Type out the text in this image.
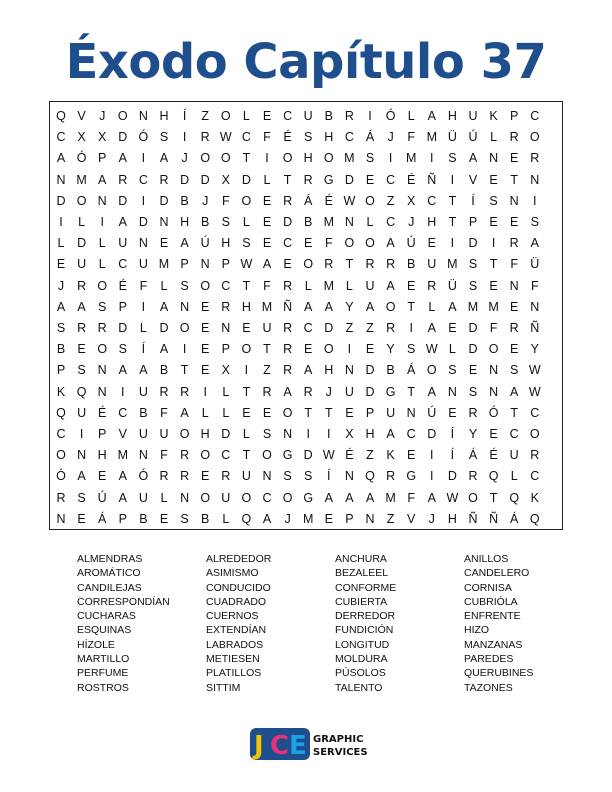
Éxodo Capítulo 37
Q V	J	O N H	Í	Z O L	E C U B R	I	Ó L	A H U K P C
C X X D Ó S	I	R W C F	É S H C Á	J	F M Ü Ú	L	R O
A Ó P A	I	A	J	O O T	I	O H O M S	I	M	I	S A N E R
N M A R C R D D X D	L	T R G D E C É Ñ	I	V E	T N
D O N D	I	D B	J	F O E R Á É W O Z	X C T	Í	S N	I
I	L	I	A D N H B S	L	E D B M N	L	C	J	H T	P E E S
L	D	L	U N E A Ú H S E C E	F O O A Ú E	I	D	I	R A
E U	L	C U M P N P W A E O R T R R B U M S	T	F Ü
J	R O É	F	L	S O C T	F R	L M L	U A E R Ü S E N F
A A S P	I	A N E R H M Ñ A A Y A O T	L	A M M E N
S R R D	L	D O E N E U R C D Z	Z R	I	A E D F R Ñ
B E O S	Í	A	I	E P O T R E O	I	E Y S W L	D O E Y
P S N A A B	T	E X	I	Z R A H N D B Á O S E N S W
K Q N	I	U R R	I	L	T R A R	J	U D G T	A N S N A W
Q U É C B	F	A	L	L	E E O T	T	E P U N Ú E R Ó T C
C	I	P V U U O H D	L	S N	I	I	X H A C D	Í	Y E C O
O N H M N F R O C T O G D W É	Z	K E	I	Í	Á É U R
Ó A E A Ó R R E R U N S S	Í	N Q R G	I	D R Q L	C
R S Ú A U	L	N O U O C O G A A A M F	A W O T Q K
N E Á P B E S B	L Q A	J M E P N Z	V	J	H Ñ Ñ Á Q
ALMENDRAS
AROMÁTICO
CANDILEJAS
CORRESPONDÍAN
CUCHARAS
ESQUINAS
HÍZOLE
MARTILLO
PERFUME
ROSTROS
ALREDEDOR
ASIMISMO
CONDUCIDO
CUADRADO
CUERNOS
EXTENDÍAN
LABRADOS
METIESEN
PLATILLOS
SITTIM
ANCHURA
BEZALEEL
CONFORME
CUBIERTA
DERREDOR
FUNDICIÓN
LONGITUD
MOLDURA
PÚSOLOS
TALENTO
ANILLOS
CANDELERO
CORNISA
CUBRIÓLA
ENFRENTE
HIZO
MANZANAS
PAREDES
QUERUBINES
TAZONES
J C E GRAPHIC
SERVICES
